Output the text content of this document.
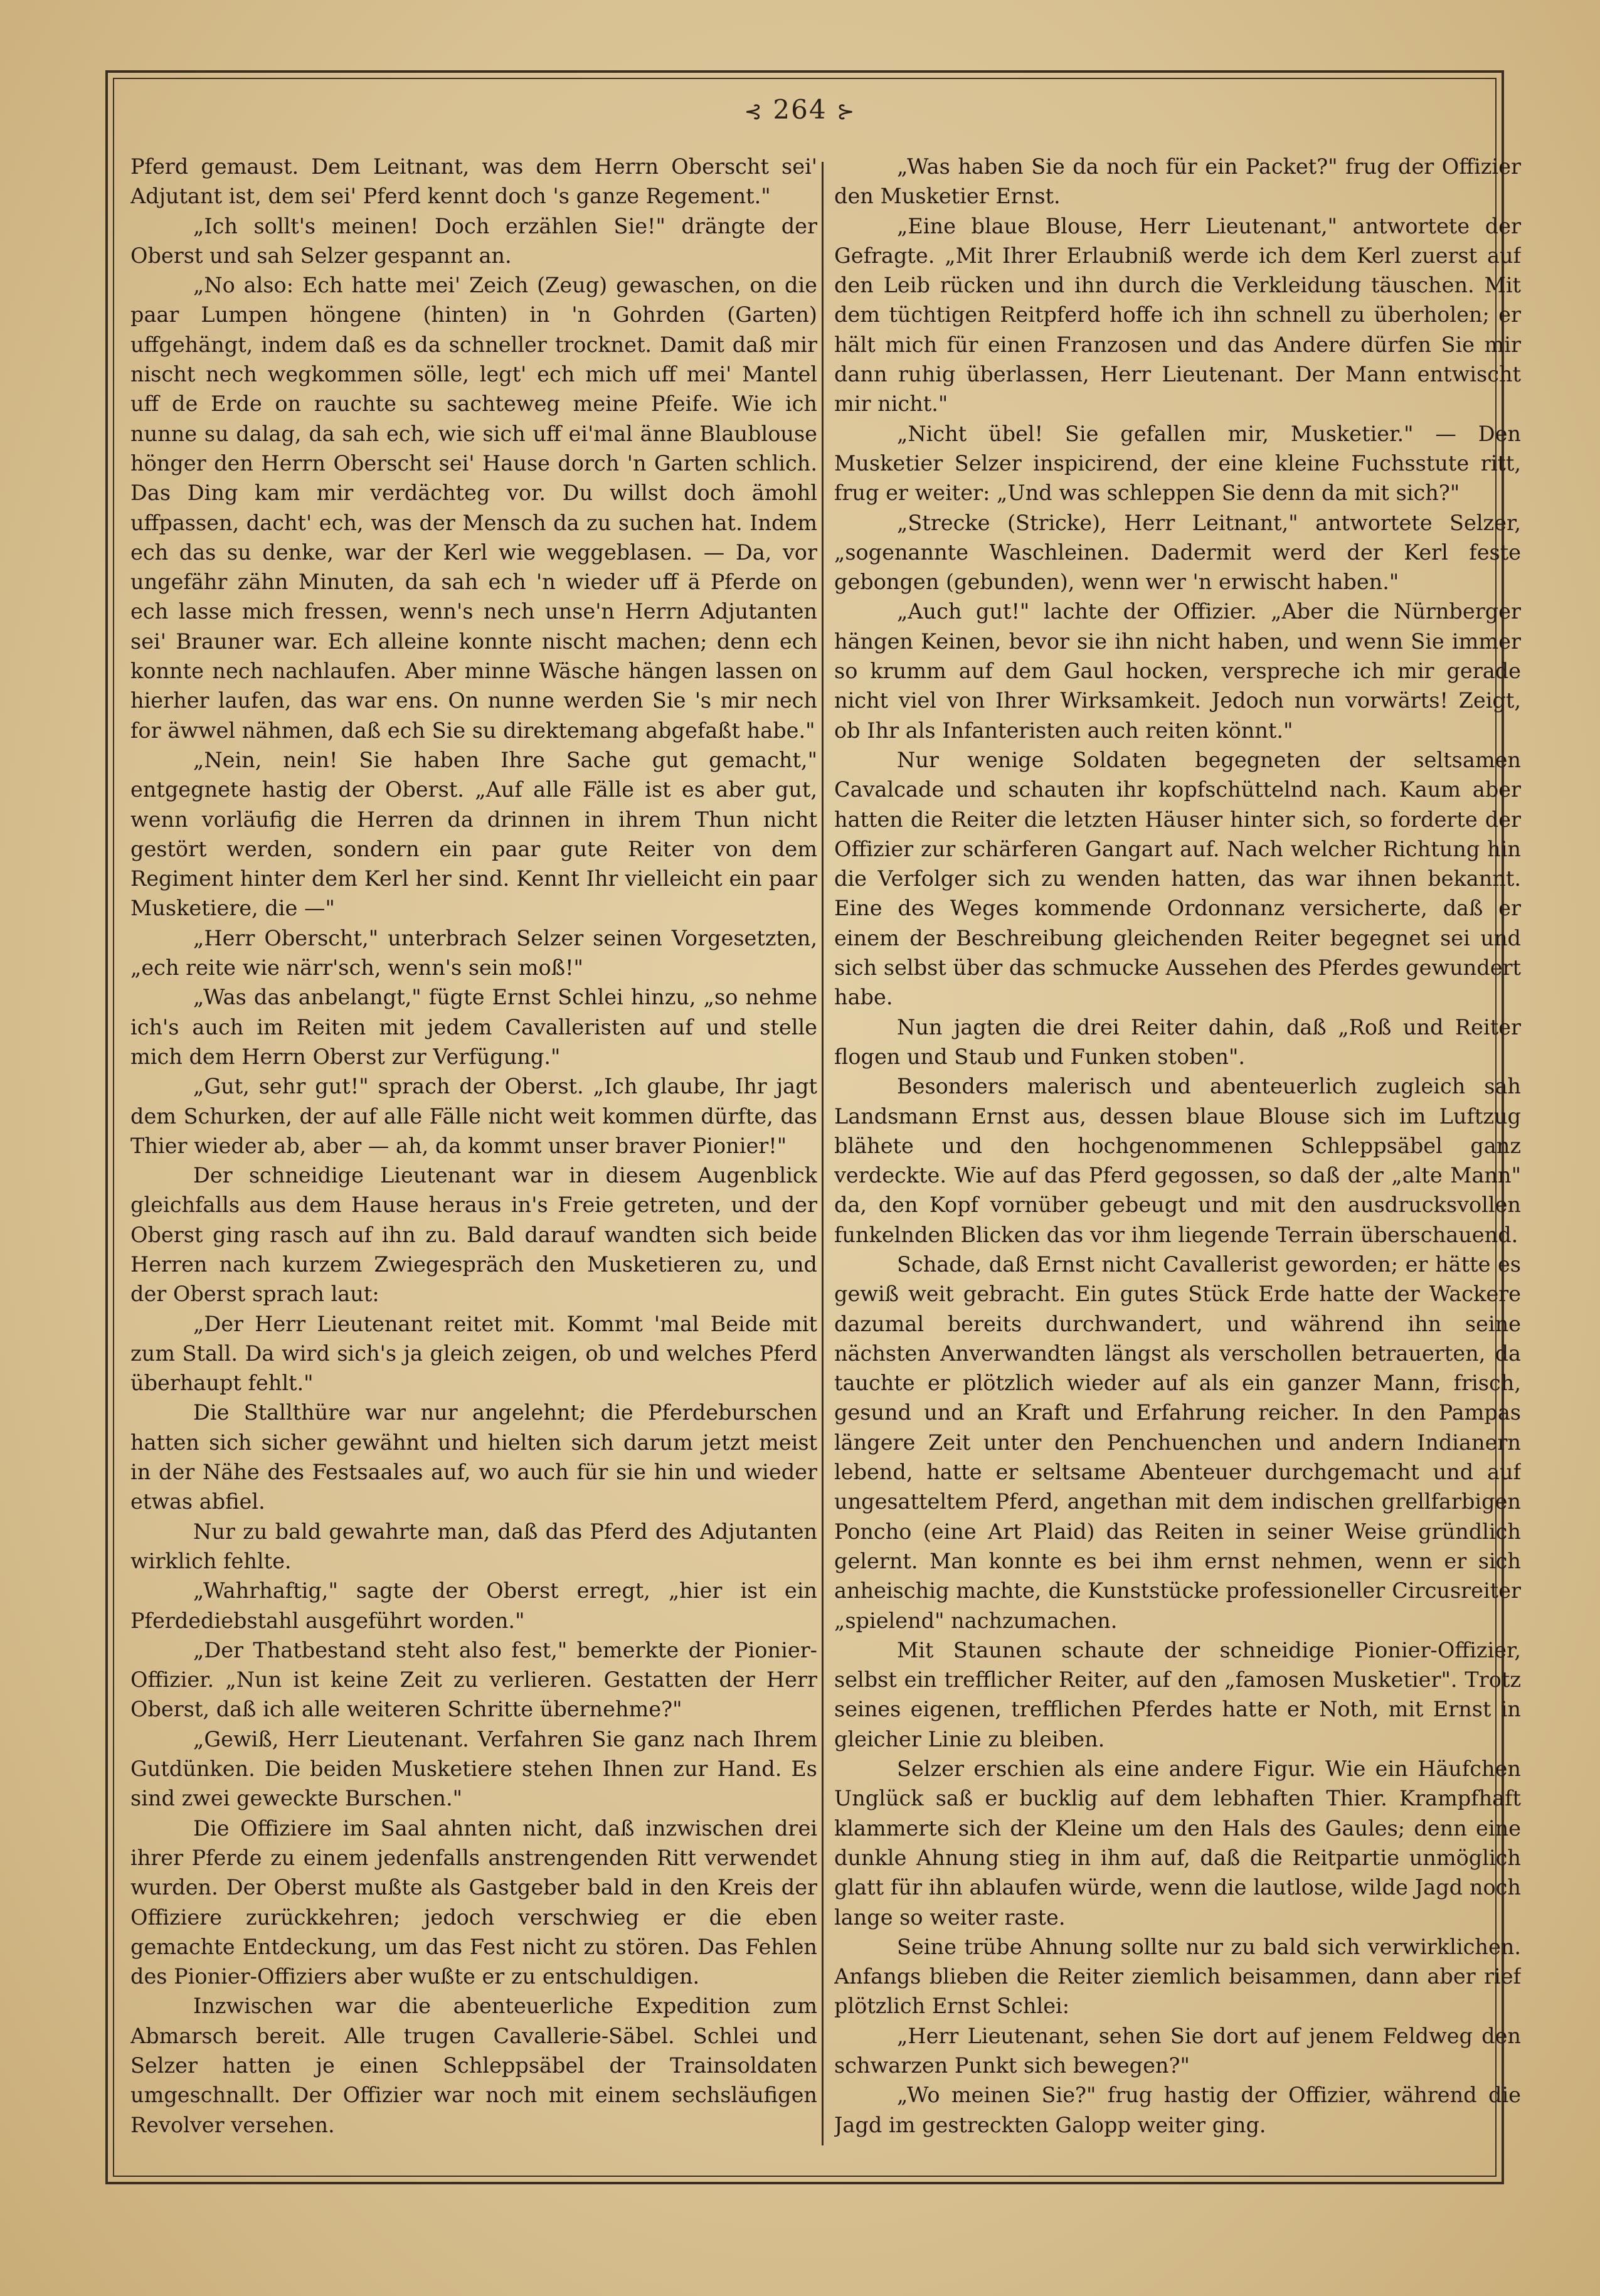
⊰ 264 ⊱

Pferd gemaust. Dem Leitnant, was dem Herrn Oberscht sei' Adjutant ist, dem sei' Pferd kennt doch 's ganze Regement."

„Ich sollt's meinen! Doch erzählen Sie!" drängte der Oberst und sah Selzer gespannt an.

„No also: Ech hatte mei' Zeich (Zeug) gewaschen, on die paar Lumpen höngene (hinten) in 'n Gohrden (Garten) uffgehängt, indem daß es da schneller trocknet. Damit daß mir nischt nech wegkommen sölle, legt' ech mich uff mei' Mantel uff de Erde on rauchte su sachteweg meine Pfeife. Wie ich nunne su dalag, da sah ech, wie sich uff ei'mal änne Blaublouse hönger den Herrn Oberscht sei' Hause dorch 'n Garten schlich. Das Ding kam mir verdächteg vor. Du willst doch ämohl uffpassen, dacht' ech, was der Mensch da zu suchen hat. Indem ech das su denke, war der Kerl wie weggeblasen. — Da, vor ungefähr zähn Minuten, da sah ech 'n wieder uff ä Pferde on ech lasse mich fressen, wenn's nech unse'n Herrn Adjutanten sei' Brauner war. Ech alleine konnte nischt machen; denn ech konnte nech nachlaufen. Aber minne Wäsche hängen lassen on hierher laufen, das war ens. On nunne werden Sie 's mir nech for äwwel nähmen, daß ech Sie su direktemang abgefaßt habe."

„Nein, nein! Sie haben Ihre Sache gut gemacht," entgegnete hastig der Oberst. „Auf alle Fälle ist es aber gut, wenn vorläufig die Herren da drinnen in ihrem Thun nicht gestört werden, sondern ein paar gute Reiter von dem Regiment hinter dem Kerl her sind. Kennt Ihr vielleicht ein paar Musketiere, die —"

„Herr Oberscht," unterbrach Selzer seinen Vorgesetzten, „ech reite wie närr'sch, wenn's sein moß!"

„Was das anbelangt," fügte Ernst Schlei hinzu, „so nehme ich's auch im Reiten mit jedem Cavalleristen auf und stelle mich dem Herrn Oberst zur Verfügung."

„Gut, sehr gut!" sprach der Oberst. „Ich glaube, Ihr jagt dem Schurken, der auf alle Fälle nicht weit kommen dürfte, das Thier wieder ab, aber — ah, da kommt unser braver Pionier!"

Der schneidige Lieutenant war in diesem Augenblick gleichfalls aus dem Hause heraus in's Freie getreten, und der Oberst ging rasch auf ihn zu. Bald darauf wandten sich beide Herren nach kurzem Zwiegespräch den Musketieren zu, und der Oberst sprach laut:

„Der Herr Lieutenant reitet mit. Kommt 'mal Beide mit zum Stall. Da wird sich's ja gleich zeigen, ob und welches Pferd überhaupt fehlt."

Die Stallthüre war nur angelehnt; die Pferdeburschen hatten sich sicher gewähnt und hielten sich darum jetzt meist in der Nähe des Festsaales auf, wo auch für sie hin und wieder etwas abfiel.

Nur zu bald gewahrte man, daß das Pferd des Adjutanten wirklich fehlte.

„Wahrhaftig," sagte der Oberst erregt, „hier ist ein Pferdediebstahl ausgeführt worden."

„Der Thatbestand steht also fest," bemerkte der Pionier-Offizier. „Nun ist keine Zeit zu verlieren. Gestatten der Herr Oberst, daß ich alle weiteren Schritte übernehme?"

„Gewiß, Herr Lieutenant. Verfahren Sie ganz nach Ihrem Gutdünken. Die beiden Musketiere stehen Ihnen zur Hand. Es sind zwei geweckte Burschen."

Die Offiziere im Saal ahnten nicht, daß inzwischen drei ihrer Pferde zu einem jedenfalls anstrengenden Ritt verwendet wurden. Der Oberst mußte als Gastgeber bald in den Kreis der Offiziere zurückkehren; jedoch verschwieg er die eben gemachte Entdeckung, um das Fest nicht zu stören. Das Fehlen des Pionier-Offiziers aber wußte er zu entschuldigen.

Inzwischen war die abenteuerliche Expedition zum Abmarsch bereit. Alle trugen Cavallerie-Säbel. Schlei und Selzer hatten je einen Schleppsäbel der Trainsoldaten umgeschnallt. Der Offizier war noch mit einem sechsläufigen Revolver versehen.

„Was haben Sie da noch für ein Packet?" frug der Offizier den Musketier Ernst.

„Eine blaue Blouse, Herr Lieutenant," antwortete der Gefragte. „Mit Ihrer Erlaubniß werde ich dem Kerl zuerst auf den Leib rücken und ihn durch die Verkleidung täuschen. Mit dem tüchtigen Reitpferd hoffe ich ihn schnell zu überholen; er hält mich für einen Franzosen und das Andere dürfen Sie mir dann ruhig überlassen, Herr Lieutenant. Der Mann entwischt mir nicht."

„Nicht übel! Sie gefallen mir, Musketier." — Den Musketier Selzer inspicirend, der eine kleine Fuchsstute ritt, frug er weiter: „Und was schleppen Sie denn da mit sich?"

„Strecke (Stricke), Herr Leitnant," antwortete Selzer, „sogenannte Waschleinen. Dadermit werd der Kerl feste gebongen (gebunden), wenn wer 'n erwischt haben."

„Auch gut!" lachte der Offizier. „Aber die Nürnberger hängen Keinen, bevor sie ihn nicht haben, und wenn Sie immer so krumm auf dem Gaul hocken, verspreche ich mir gerade nicht viel von Ihrer Wirksamkeit. Jedoch nun vorwärts! Zeigt, ob Ihr als Infanteristen auch reiten könnt."

Nur wenige Soldaten begegneten der seltsamen Cavalcade und schauten ihr kopfschüttelnd nach. Kaum aber hatten die Reiter die letzten Häuser hinter sich, so forderte der Offizier zur schärferen Gangart auf. Nach welcher Richtung hin die Verfolger sich zu wenden hatten, das war ihnen bekannt. Eine des Weges kommende Ordonnanz versicherte, daß er einem der Beschreibung gleichenden Reiter begegnet sei und sich selbst über das schmucke Aussehen des Pferdes gewundert habe.

Nun jagten die drei Reiter dahin, daß „Roß und Reiter flogen und Staub und Funken stoben".

Besonders malerisch und abenteuerlich zugleich sah Landsmann Ernst aus, dessen blaue Blouse sich im Luftzug blähete und den hochgenommenen Schleppsäbel ganz verdeckte. Wie auf das Pferd gegossen, so daß der „alte Mann" da, den Kopf vornüber gebeugt und mit den ausdrucksvollen funkelnden Blicken das vor ihm liegende Terrain überschauend.

Schade, daß Ernst nicht Cavallerist geworden; er hätte es gewiß weit gebracht. Ein gutes Stück Erde hatte der Wackere dazumal bereits durchwandert, und während ihn seine nächsten Anverwandten längst als verschollen betrauerten, da tauchte er plötzlich wieder auf als ein ganzer Mann, frisch, gesund und an Kraft und Erfahrung reicher. In den Pampas längere Zeit unter den Penchuenchen und andern Indianern lebend, hatte er seltsame Abenteuer durchgemacht und auf ungesatteltem Pferd, angethan mit dem indischen grellfarbigen Poncho (eine Art Plaid) das Reiten in seiner Weise gründlich gelernt. Man konnte es bei ihm ernst nehmen, wenn er sich anheischig machte, die Kunststücke professioneller Circusreiter „spielend" nachzumachen.

Mit Staunen schaute der schneidige Pionier-Offizier, selbst ein trefflicher Reiter, auf den „famosen Musketier". Trotz seines eigenen, trefflichen Pferdes hatte er Noth, mit Ernst in gleicher Linie zu bleiben.

Selzer erschien als eine andere Figur. Wie ein Häufchen Unglück saß er bucklig auf dem lebhaften Thier. Krampfhaft klammerte sich der Kleine um den Hals des Gaules; denn eine dunkle Ahnung stieg in ihm auf, daß die Reitpartie unmöglich glatt für ihn ablaufen würde, wenn die lautlose, wilde Jagd noch lange so weiter raste.

Seine trübe Ahnung sollte nur zu bald sich verwirklichen. Anfangs blieben die Reiter ziemlich beisammen, dann aber rief plötzlich Ernst Schlei:

„Herr Lieutenant, sehen Sie dort auf jenem Feldweg den schwarzen Punkt sich bewegen?"

„Wo meinen Sie?" frug hastig der Offizier, während die Jagd im gestreckten Galopp weiter ging.
